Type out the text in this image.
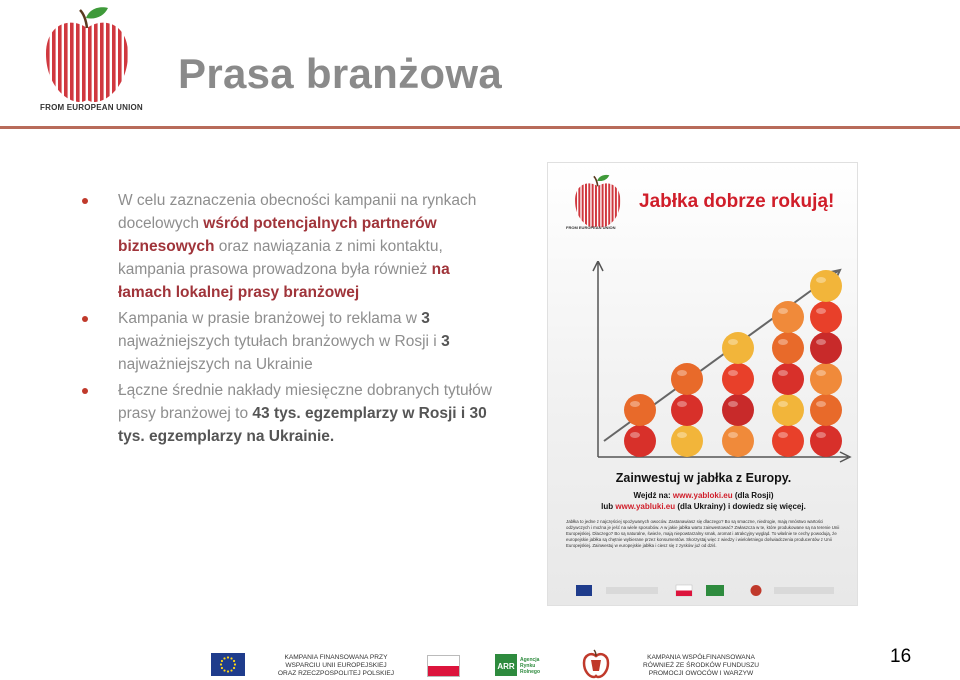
FROM EUROPEAN UNION
Prasa branżowa
W celu zaznaczenia obecności kampanii na rynkach docelowych wśród potencjalnych partnerów biznesowych oraz nawiązania z nimi kontaktu, kampania prasowa prowadzona była również na łamach lokalnej prasy branżowej
Kampania w prasie branżowej to reklama w 3 najważniejszych tytułach branżowych w Rosji i 3 najważniejszych na Ukrainie
Łączne średnie nakłady miesięczne dobranych tytułów prasy branżowej to 43 tys. egzemplarzy w Rosji i 30 tys. egzemplarzy na Ukrainie.
FROM EUROPEAN UNION
Jabłka dobrze rokują!
Zainwestuj w jabłka z Europy.
Wejdź na: www.yabloki.eu (dla Rosji)
lub www.yabluki.eu (dla Ukrainy) i dowiedz się więcej.
Jabłka to jedne z najczęściej spożywanych owoców. Zastanawiasz się dlaczego? Bo są smaczne, niedrogie, mają mnóstwo wartości odżywczych i można je jeść na wiele sposobów. A w jakie jabłka warto zainwestować? Zwłaszcza w te, które produkowane są na terenie Unii Europejskiej. Dlaczego? Bo są naturalne, świeże, mają niepowtarzalny smak, aromat i atrakcyjny wygląd. To właśnie te cechy powodują, że europejskie jabłka są chętnie wybierane przez konsumentów. Skorzystaj więc z wiedzy i wieloletniego doświadczenia producentów z Unii Europejskiej. Zainwestuj w europejskie jabłka i ciesz się z zysków już od dziś.
KAMPANIA FINANSOWANA PRZY WSPARCIU UNII EUROPEJSKIEJ ORAZ RZECZPOSPOLITEJ POLSKIEJ
ARR
Agencja Rynku Rolnego
KAMPANIA WSPÓŁFINANSOWANA RÓWNIEŻ ZE ŚRODKÓW FUNDUSZU PROMOCJI OWOCÓW I WARZYW
16
